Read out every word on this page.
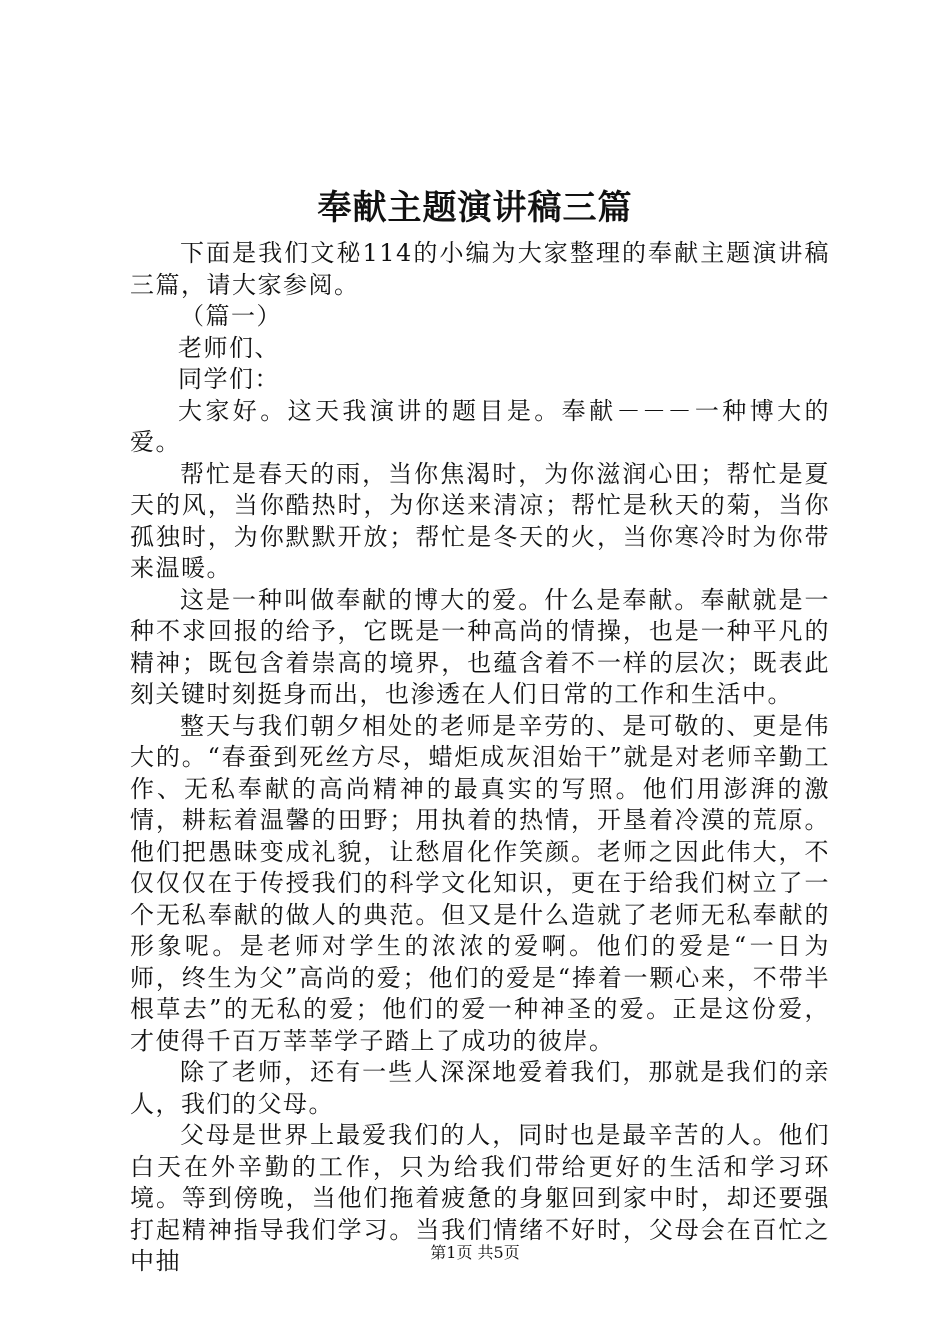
奉献主题演讲稿三篇

下面是我们文秘114的小编为大家整理的奉献主题演讲稿三篇，请大家参阅。

（篇一）

老师们、

同学们：

大家好。这天我演讲的题目是。奉献－－－一种博大的爱。

帮忙是春天的雨，当你焦渴时，为你滋润心田；帮忙是夏天的风，当你酷热时，为你送来清凉；帮忙是秋天的菊，当你孤独时，为你默默开放；帮忙是冬天的火，当你寒冷时为你带来温暖。

这是一种叫做奉献的博大的爱。什么是奉献。奉献就是一种不求回报的给予，它既是一种高尚的情操，也是一种平凡的精神；既包含着崇高的境界，也蕴含着不一样的层次；既表此刻关键时刻挺身而出，也渗透在人们日常的工作和生活中。

整天与我们朝夕相处的老师是辛劳的、是可敬的、更是伟大的。“春蚕到死丝方尽，蜡炬成灰泪始干”就是对老师辛勤工作、无私奉献的高尚精神的最真实的写照。他们用澎湃的激情，耕耘着温馨的田野；用执着的热情，开垦着冷漠的荒原。他们把愚昧变成礼貌，让愁眉化作笑颜。老师之因此伟大，不仅仅仅在于传授我们的科学文化知识，更在于给我们树立了一个无私奉献的做人的典范。但又是什么造就了老师无私奉献的形象呢。是老师对学生的浓浓的爱啊。他们的爱是“一日为师，终生为父”高尚的爱；他们的爱是“捧着一颗心来，不带半根草去”的无私的爱；他们的爱一种神圣的爱。正是这份爱，才使得千百万莘莘学子踏上了成功的彼岸。

除了老师，还有一些人深深地爱着我们，那就是我们的亲人，我们的父母。

父母是世界上最爱我们的人，同时也是最辛苦的人。他们白天在外辛勤的工作，只为给我们带给更好的生活和学习环境。等到傍晚，当他们拖着疲惫的身躯回到家中时，却还要强打起精神指导我们学习。当我们情绪不好时，父母会在百忙之中抽	第1页 共5页
